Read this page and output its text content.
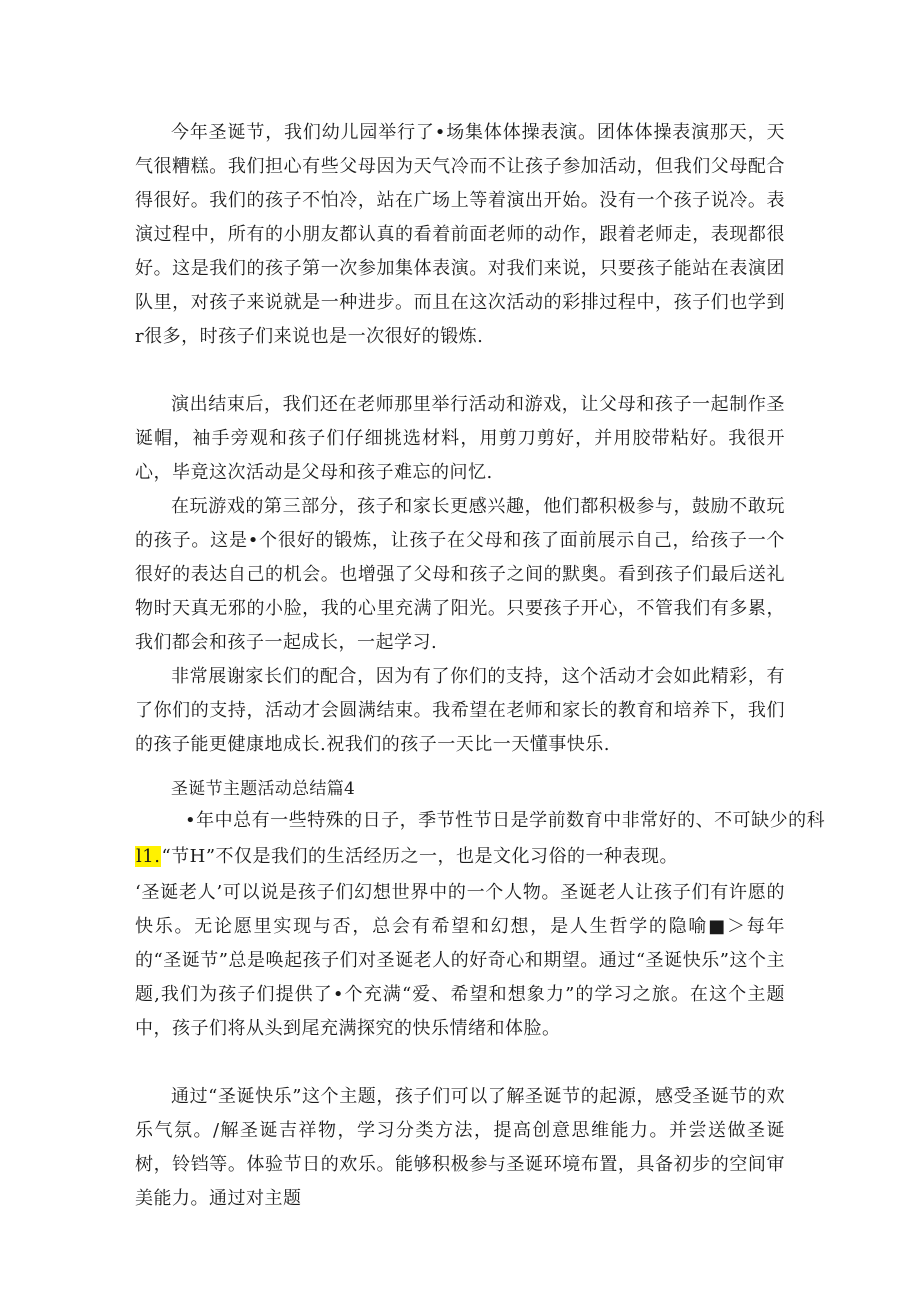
今年圣诞节，我们幼儿园举行了•场集体体操表演。团体体操表演那天，天气很糟糕。我们担心有些父母因为天气冷而不让孩子参加活动，但我们父母配合得很好。我们的孩子不怕冷，站在广场上等着演出开始。没有一个孩子说冷。表演过程中，所有的小朋友都认真的看着前面老师的动作，跟着老师走，表现都很好。这是我们的孩子第一次参加集体表演。对我们来说，只要孩子能站在表演团队里，对孩子来说就是一种进步。而且在这次活动的彩排过程中，孩子们也学到r很多，时孩子们来说也是一次很好的锻炼.

演出结束后，我们还在老师那里举行活动和游戏，让父母和孩子一起制作圣诞帽，袖手旁观和孩子们仔细挑选材料，用剪刀剪好，并用胶带粘好。我很开心，毕竟这次活动是父母和孩子难忘的问忆.

在玩游戏的第三部分，孩子和家长更感兴趣，他们都积极参与，鼓励不敢玩的孩子。这是•个很好的锻炼，让孩子在父母和孩了面前展示自己，给孩子一个很好的表达自己的机会。也增强了父母和孩子之间的默奥。看到孩子们最后送礼物时天真无邪的小脸，我的心里充满了阳光。只要孩子开心，不管我们有多累，我们都会和孩子一起成长，一起学习.

非常展谢家长们的配合，因为有了你们的支持，这个活动才会如此精彩，有了你们的支持，活动才会圆满结束。我希望在老师和家长的教育和培养下，我们的孩子能更健康地成长.祝我们的孩子一天比一天懂事快乐.

圣诞节主题活动总结篇4

•年中总有一些特殊的日子，季节性节日是学前数育中非常好的、不可缺少的科

l1.“节H”不仅是我们的生活经历之一，也是文化习俗的一种表现。

‘圣诞老人’可以说是孩子们幻想世界中的一个人物。圣诞老人让孩子们有许愿的快乐。无论愿里实现与否，总会有希望和幻想，是人生哲学的隐喻■＞每年的“圣诞节”总是唤起孩子们对圣诞老人的好奇心和期望。通过“圣诞快乐”这个主题,我们为孩子们提供了•个充满“爱、希望和想象力”的学习之旅。在这个主题中，孩子们将从头到尾充满探究的快乐情绪和体脸。

通过“圣诞快乐”这个主题，孩子们可以了解圣诞节的起源，感受圣诞节的欢乐气氛。/解圣诞吉祥物，学习分类方法，提高创意思维能力。并尝送做圣诞树，铃铛等。体验节日的欢乐。能够积极参与圣诞环境布置，具备初步的空间审美能力。通过对主题
